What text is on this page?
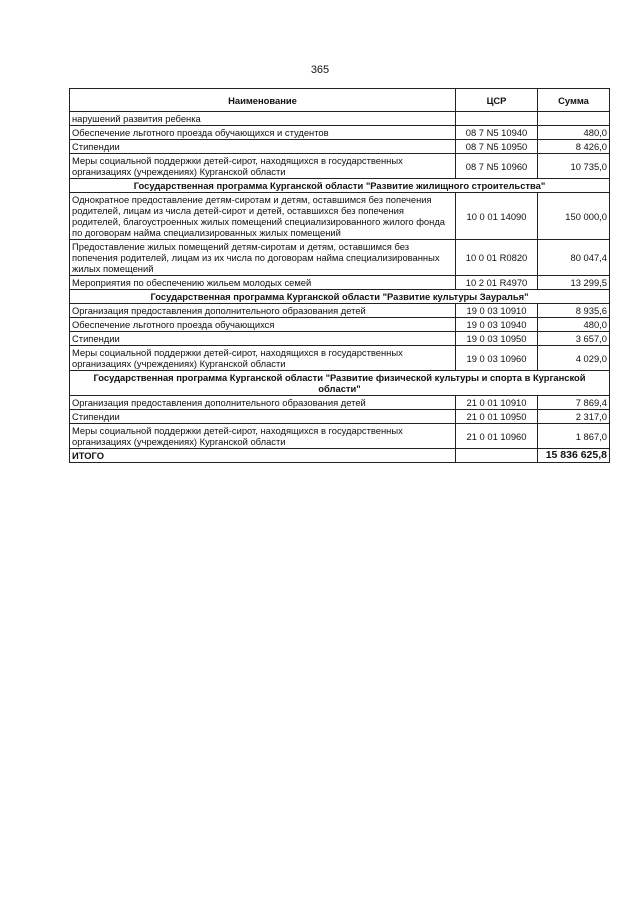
365
Наименование	ЦСР	Сумма
нарушений развития ребенка		
Обеспечение льготного проезда обучающихся и студентов	08 7 N5 10940	480,0
Стипендии	08 7 N5 10950	8 426,0
Меры социальной поддержки детей-сирот, находящихся в государственных организациях (учреждениях) Курганской области	08 7 N5 10960	10 735,0
Государственная программа Курганской области "Развитие жилищного строительства"		
Однократное предоставление детям-сиротам и детям, оставшимся без попечения родителей, лицам из числа детей-сирот и детей, оставшихся без попечения родителей, благоустроенных жилых помещений специализированного жилого фонда по договорам найма специализированных жилых помещений	10 0 01 14090	150 000,0
Предоставление жилых помещений детям-сиротам и детям, оставшимся без попечения родителей, лицам из их числа по договорам найма специализированных жилых помещений	10 0 01 R0820	80 047,4
Мероприятия по обеспечению жильем молодых семей	10 2 01 R4970	13 299,5
Государственная программа Курганской области "Развитие культуры Зауралья"		
Организация предоставления дополнительного образования детей	19 0 03 10910	8 935,6
Обеспечение льготного проезда обучающихся	19 0 03 10940	480,0
Стипендии	19 0 03 10950	3 657,0
Меры социальной поддержки детей-сирот, находящихся в государственных организациях (учреждениях) Курганской области	19 0 03 10960	4 029,0
Государственная программа Курганской области "Развитие физической культуры и спорта в Курганской области"		
Организация предоставления дополнительного образования детей	21 0 01 10910	7 869,4
Стипендии	21 0 01 10950	2 317,0
Меры социальной поддержки детей-сирот, находящихся в государственных организациях (учреждениях) Курганской области	21 0 01 10960	1 867,0
ИТОГО		15 836 625,8
